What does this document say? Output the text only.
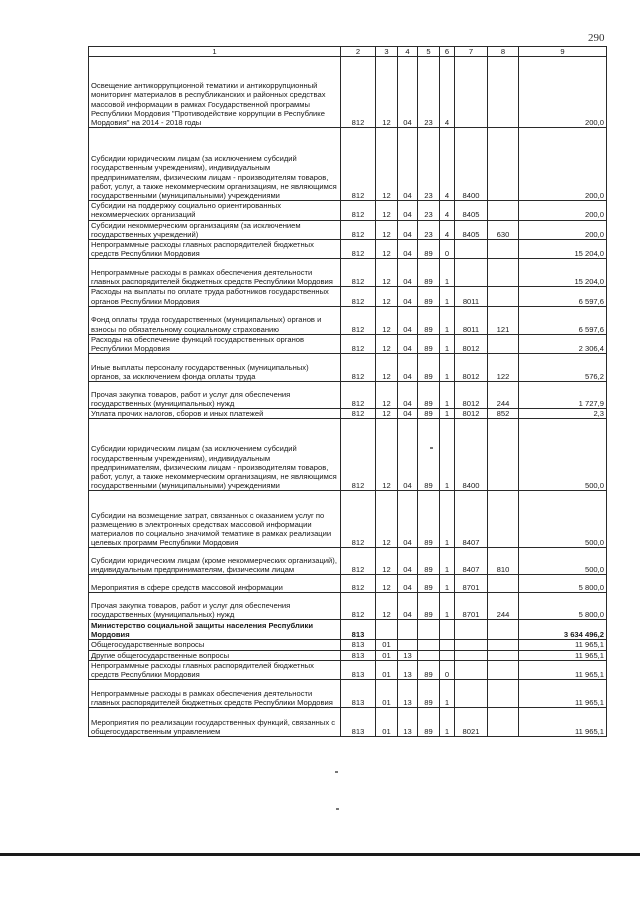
290
1	2	3	4	5	6	7	8	9
Освещение антикоррупционной тематики и антикоррупционный мониторинг материалов в республиканских и районных средствах массовой информации в рамках Государственной программы Республики Мордовия "Противодействие коррупции в Республике Мордовия" на 2014 - 2018 годы	812	12	04	23	4			200,0
Субсидии юридическим лицам (за исключением субсидий государственным учреждениям), индивидуальным предпринимателям, физическим лицам - производителям товаров, работ, услуг, а также некоммерческим организациям, не являющимся государственными (муниципальными) учреждениями	812	12	04	23	4	8400		200,0
Субсидии на поддержку социально ориентированных некоммерческих организаций	812	12	04	23	4	8405		200,0
Субсидии некоммерческим организациям (за исключением государственных учреждений)	812	12	04	23	4	8405	630	200,0
Непрограммные расходы главных распорядителей бюджетных средств Республики Мордовия	812	12	04	89	0			15 204,0
Непрограммные расходы в рамках обеспечения деятельности главных распорядителей бюджетных средств Республики Мордовия	812	12	04	89	1			15 204,0
Расходы на выплаты по оплате труда работников государственных органов Республики Мордовия	812	12	04	89	1	8011		6 597,6
Фонд оплаты труда государственных (муниципальных) органов и взносы по обязательному социальному страхованию	812	12	04	89	1	8011	121	6 597,6
Расходы на обеспечение функций государственных органов Республики Мордовия	812	12	04	89	1	8012		2 306,4
Иные выплаты персоналу государственных (муниципальных) органов, за исключением фонда оплаты труда	812	12	04	89	1	8012	122	576,2
Прочая закупка товаров, работ и услуг для обеспечения государственных (муниципальных) нужд	812	12	04	89	1	8012	244	1 727,9
Уплата прочих налогов, сборов и иных платежей	812	12	04	89	1	8012	852	2,3
Субсидии юридическим лицам (за исключением субсидий государственным учреждениям), индивидуальным предпринимателям, физическим лицам - производителям товаров, работ, услуг, а также некоммерческим организациям, не являющимся государственными (муниципальными) учреждениями	812	12	04	89	1	8400		500,0
Субсидии на возмещение затрат, связанных с оказанием услуг по размещению в электронных средствах массовой информации материалов по социально значимой тематике в рамках реализации целевых программ Республики Мордовия	812	12	04	89	1	8407		500,0
Субсидии юридическим лицам (кроме некоммерческих организаций), индивидуальным предпринимателям, физическим лицам	812	12	04	89	1	8407	810	500,0
Мероприятия в сфере средств массовой информации	812	12	04	89	1	8701		5 800,0
Прочая закупка товаров, работ и услуг для обеспечения государственных (муниципальных) нужд	812	12	04	89	1	8701	244	5 800,0
Министерство социальной защиты населения Республики Мордовия	813							3 634 496,2
Общегосударственные вопросы	813	01						11 965,1
Другие общегосударственные вопросы	813	01	13					11 965,1
Непрограммные расходы главных распорядителей бюджетных средств Республики Мордовия	813	01	13	89	0			11 965,1
Непрограммные расходы в рамках обеспечения деятельности главных распорядителей бюджетных средств Республики Мордовия	813	01	13	89	1			11 965,1
Мероприятия по реализации государственных функций, связанных с общегосударственным управлением	813	01	13	89	1	8021		11 965,1
